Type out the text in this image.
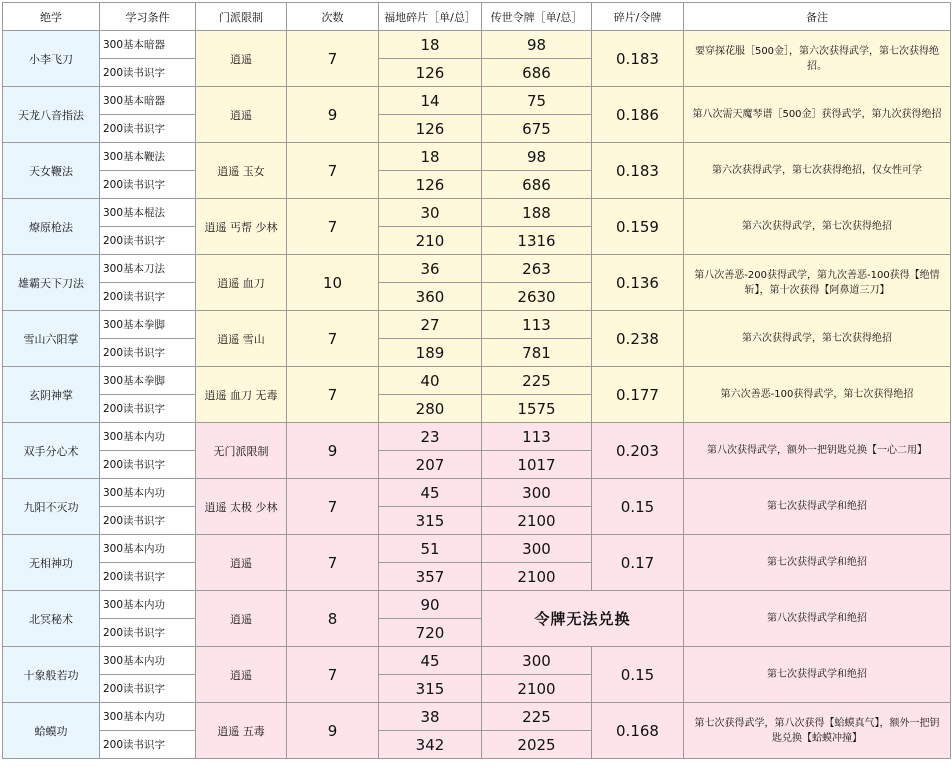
绝学	学习条件	门派限制	次数	福地碎片［单/总］	传世令牌［单/总］	碎片/令牌	备注
小李飞刀	300基本暗器	逍遥	7	18	98	0.183	要穿探花服［500金］，第六次获得武学，第七次获得绝招。
	200读书识字			126	686		
天龙八音指法	300基本暗器	逍遥	9	14	75	0.186	第八次需天魔琴谱［500金］获得武学，第九次获得绝招
	200读书识字			126	675		
天女鞭法	300基本鞭法	逍遥 玉女	7	18	98	0.183	第六次获得武学，第七次获得绝招，仅女性可学
	200读书识字			126	686		
燎原枪法	300基本棍法	逍遥 丐帮 少林	7	30	188	0.159	第六次获得武学，第七次获得绝招
	200读书识字			210	1316		
雄霸天下刀法	300基本刀法	逍遥 血刀	10	36	263	0.136	第八次善恶-200获得武学，第九次善恶-100获得【绝情斩】，第十次获得【阿鼻道三刀】
	200读书识字			360	2630		
雪山六阳掌	300基本拳脚	逍遥 雪山	7	27	113	0.238	第六次获得武学，第七次获得绝招
	200读书识字			189	781		
玄阴神掌	300基本拳脚	逍遥 血刀 无毒	7	40	225	0.177	第六次善恶-100获得武学，第七次获得绝招
	200读书识字			280	1575		
双手分心术	300基本内功	无门派限制	9	23	113	0.203	第八次获得武学，额外一把钥匙兑换【一心二用】
	200读书识字			207	1017		
九阳不灭功	300基本内功	逍遥 太极 少林	7	45	300	0.15	第七次获得武学和绝招
	200读书识字			315	2100		
无相神功	300基本内功	逍遥	7	51	300	0.17	第七次获得武学和绝招
	200读书识字			357	2100		
北冥秘术	300基本内功	逍遥	8	90	令牌无法兑换		第八次获得武学和绝招
	200读书识字			720			
十象般若功	300基本内功	逍遥	7	45	300	0.15	第七次获得武学和绝招
	200读书识字			315	2100		
蛤蟆功	300基本内功	逍遥 五毒	9	38	225	0.168	第七次获得武学，第八次获得【蛤蟆真气】，额外一把钥匙兑换【蛤蟆冲撞】
	200读书识字			342	2025		
